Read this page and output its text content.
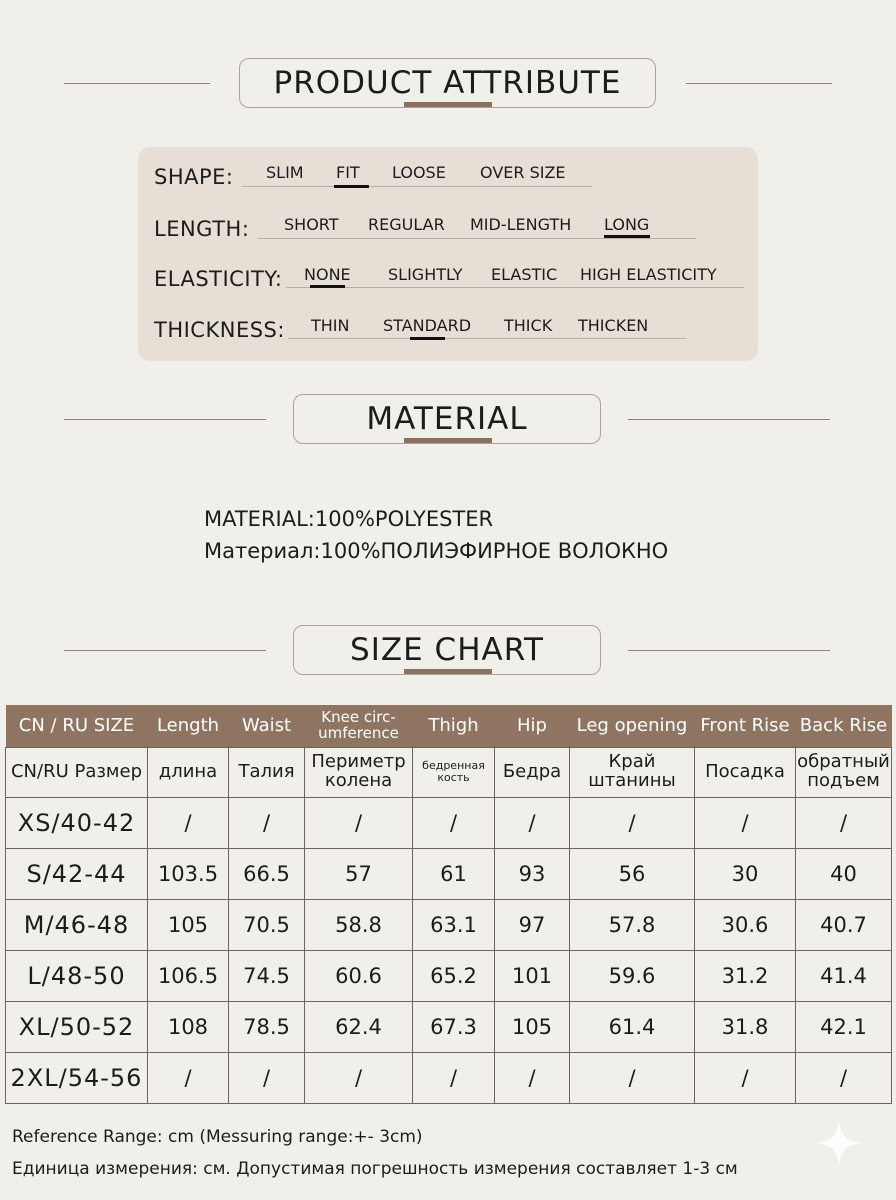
PRODUCT ATTRIBUTE
SHAPE: SLIM FIT LOOSE OVER SIZE
LENGTH: SHORT REGULAR MID-LENGTH LONG
ELASTICITY: NONE SLIGHTLY ELASTIC HIGH ELASTICITY
THICKNESS: THIN STANDARD THICK THICKEN
MATERIAL
MATERIAL:100%POLYESTER
Материал:100%ПОЛИЭФИРНОЕ ВОЛОКНО
SIZE CHART
CN / RU SIZE	Length	Waist	Knee circ-umference	Thigh	Hip	Leg opening	Front Rise	Back Rise
CN/RU Размер	длина	Талия	Периметр колена	бедренная кость	Бедра	Край штанины	Посадка	обратный подъем
XS/40-42	/	/	/	/	/	/	/	/
S/42-44	103.5	66.5	57	61	93	56	30	40
M/46-48	105	70.5	58.8	63.1	97	57.8	30.6	40.7
L/48-50	106.5	74.5	60.6	65.2	101	59.6	31.2	41.4
XL/50-52	108	78.5	62.4	67.3	105	61.4	31.8	42.1
2XL/54-56	/	/	/	/	/	/	/	/
Reference Range: cm (Messuring range:+- 3cm)
Единица измерения: см. Допустимая погрешность измерения составляет 1-3 см
